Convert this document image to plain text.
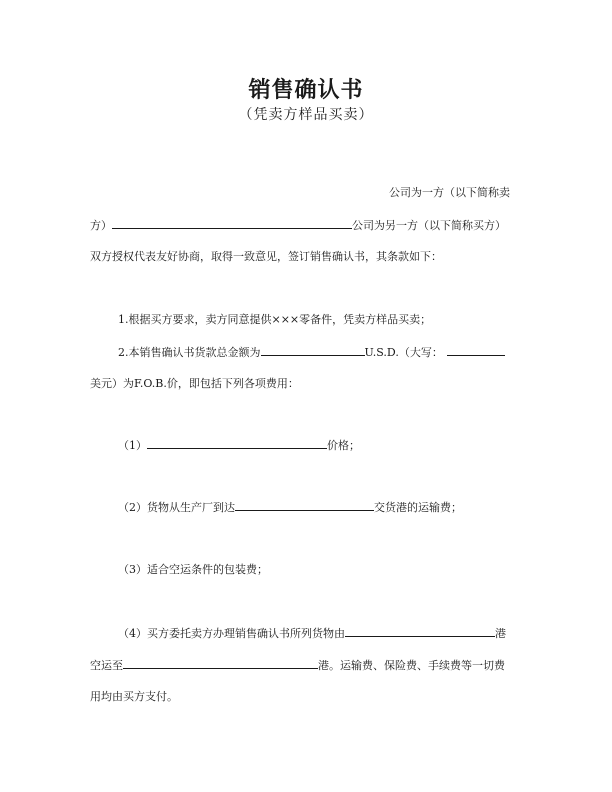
销售确认书
（凭卖方样品买卖）
公司为一方（以下简称卖
方）	公司为另一方（以下简称买方）
双方授权代表友好协商，取得一致意见，签订销售确认书，其条款如下：
1.根据买方要求，卖方同意提供×××零备件，凭卖方样品买卖；
2.本销售确认书货款总金额为	U.S.D.（大写：
美元）为F.O.B.价，即包括下列各项费用：
（1）	价格；
（2）货物从生产厂到达	交货港的运输费；
（3）适合空运条件的包装费；
（4）买方委托卖方办理销售确认书所列货物由	港
空运至	港。运输费、保险费、手续费等一切费
用均由买方支付。
